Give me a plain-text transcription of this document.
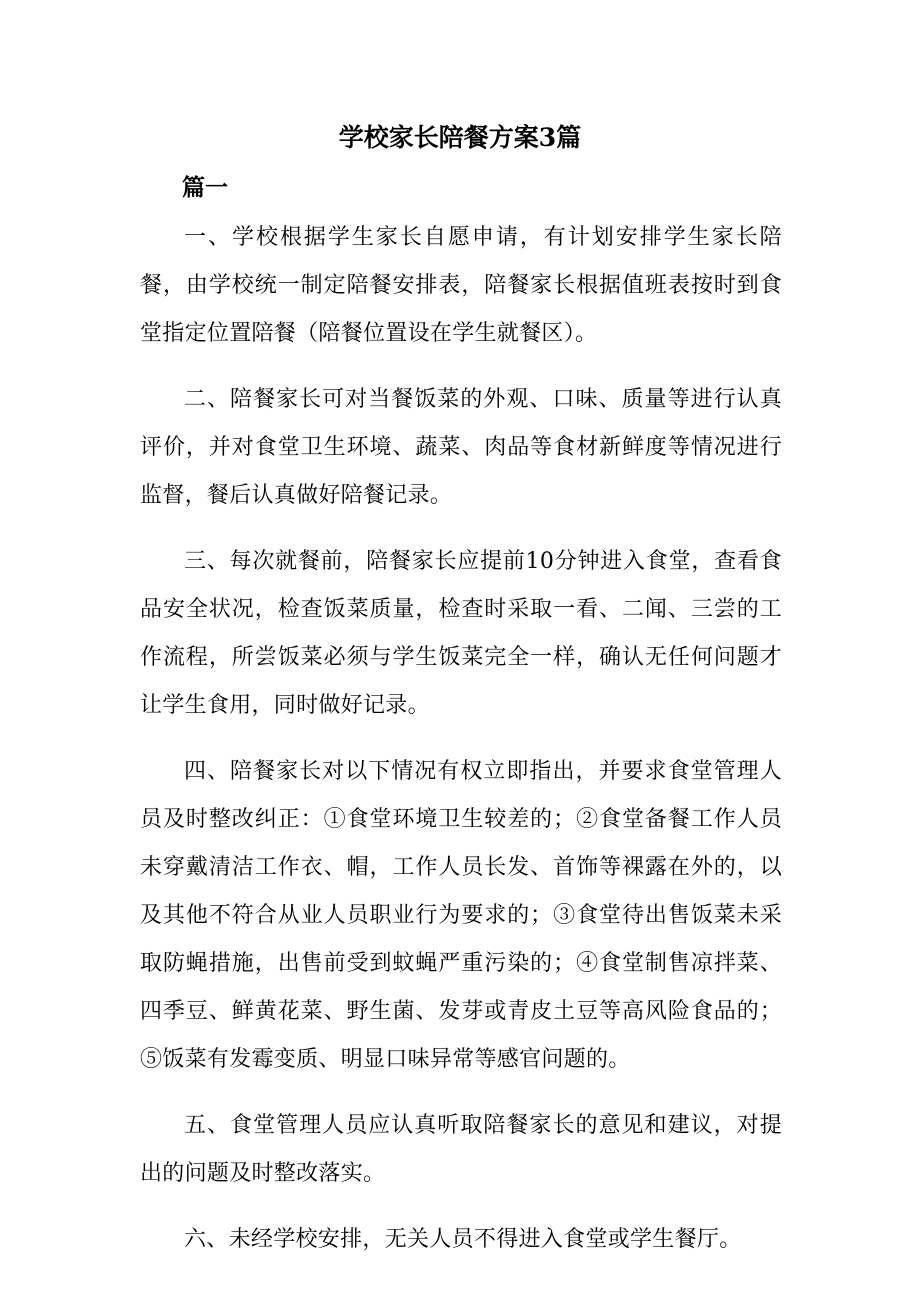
学校家长陪餐方案3篇
篇一

一、学校根据学生家长自愿申请，有计划安排学生家长陪餐，由学校统一制定陪餐安排表，陪餐家长根据值班表按时到食堂指定位置陪餐（陪餐位置设在学生就餐区）。

二、陪餐家长可对当餐饭菜的外观、口味、质量等进行认真评价，并对食堂卫生环境、蔬菜、肉品等食材新鲜度等情况进行监督，餐后认真做好陪餐记录。

三、每次就餐前，陪餐家长应提前10分钟进入食堂，查看食品安全状况，检查饭菜质量，检查时采取一看、二闻、三尝的工作流程，所尝饭菜必须与学生饭菜完全一样，确认无任何问题才让学生食用，同时做好记录。

四、陪餐家长对以下情况有权立即指出，并要求食堂管理人员及时整改纠正：①食堂环境卫生较差的；②食堂备餐工作人员未穿戴清洁工作衣、帽，工作人员长发、首饰等裸露在外的，以及其他不符合从业人员职业行为要求的；③食堂待出售饭菜未采取防蝇措施，出售前受到蚊蝇严重污染的；④食堂制售凉拌菜、四季豆、鲜黄花菜、野生菌、发芽或青皮土豆等高风险食品的；⑤饭菜有发霉变质、明显口味异常等感官问题的。

五、食堂管理人员应认真听取陪餐家长的意见和建议，对提出的问题及时整改落实。

六、未经学校安排，无关人员不得进入食堂或学生餐厅。
